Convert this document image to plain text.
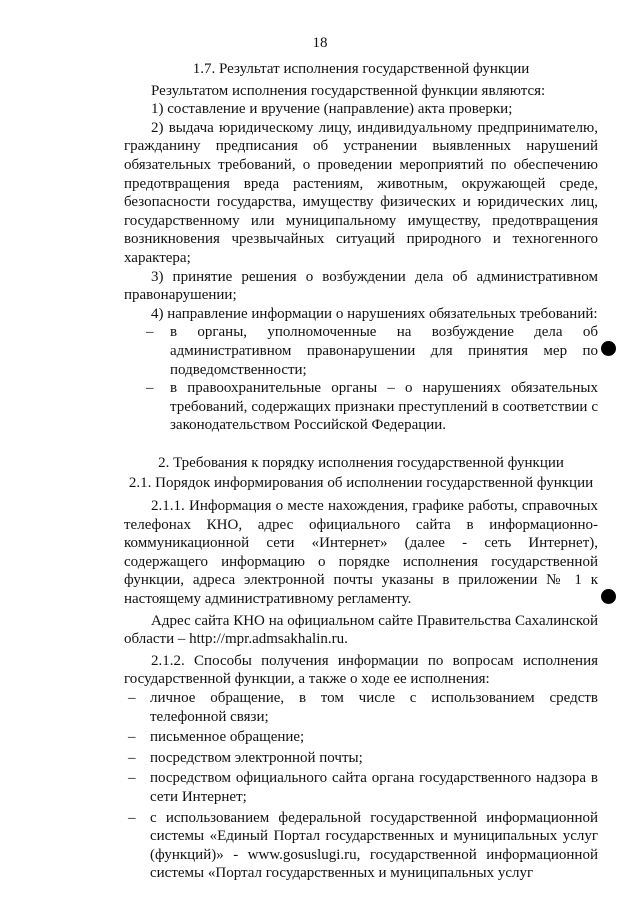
18
1.7. Результат исполнения государственной функции
Результатом исполнения государственной функции являются:
1) составление и вручение (направление) акта проверки;
2) выдача юридическому лицу, индивидуальному предпринимателю, гражданину предписания об устранении выявленных нарушений обязательных требований, о проведении мероприятий по обеспечению предотвращения вреда растениям, животным, окружающей среде, безопасности государства, имуществу физических и юридических лиц, государственному или муниципальному имуществу, предотвращения возникновения чрезвычайных ситуаций природного и техногенного характера;
3) принятие решения о возбуждении дела об административном правонарушении;
4) направление информации о нарушениях обязательных требований:
– в органы, уполномоченные на возбуждение дела об административном правонарушении для принятия мер по подведомственности;
– в правоохранительные органы – о нарушениях обязательных требований, содержащих признаки преступлений в соответствии с законодательством Российской Федерации.
2. Требования к порядку исполнения государственной функции
2.1. Порядок информирования об исполнении государственной функции
2.1.1. Информация о месте нахождения, графике работы, справочных телефонах КНО, адрес официального сайта в информационно-коммуникационной сети «Интернет» (далее - сеть Интернет), содержащего информацию о порядке исполнения государственной функции, адреса электронной почты указаны в приложении № 1 к настоящему административному регламенту.
Адрес сайта КНО на официальном сайте Правительства Сахалинской области – http://mpr.admsakhalin.ru.
2.1.2. Способы получения информации по вопросам исполнения государственной функции, а также о ходе ее исполнения:
– личное обращение, в том числе с использованием средств телефонной связи;
– письменное обращение;
– посредством электронной почты;
– посредством официального сайта органа государственного надзора в сети Интернет;
– с использованием федеральной государственной информационной системы «Единый Портал государственных и муниципальных услуг (функций)» - www.gosuslugi.ru, государственной информационной системы «Портал государственных и муниципальных услуг
